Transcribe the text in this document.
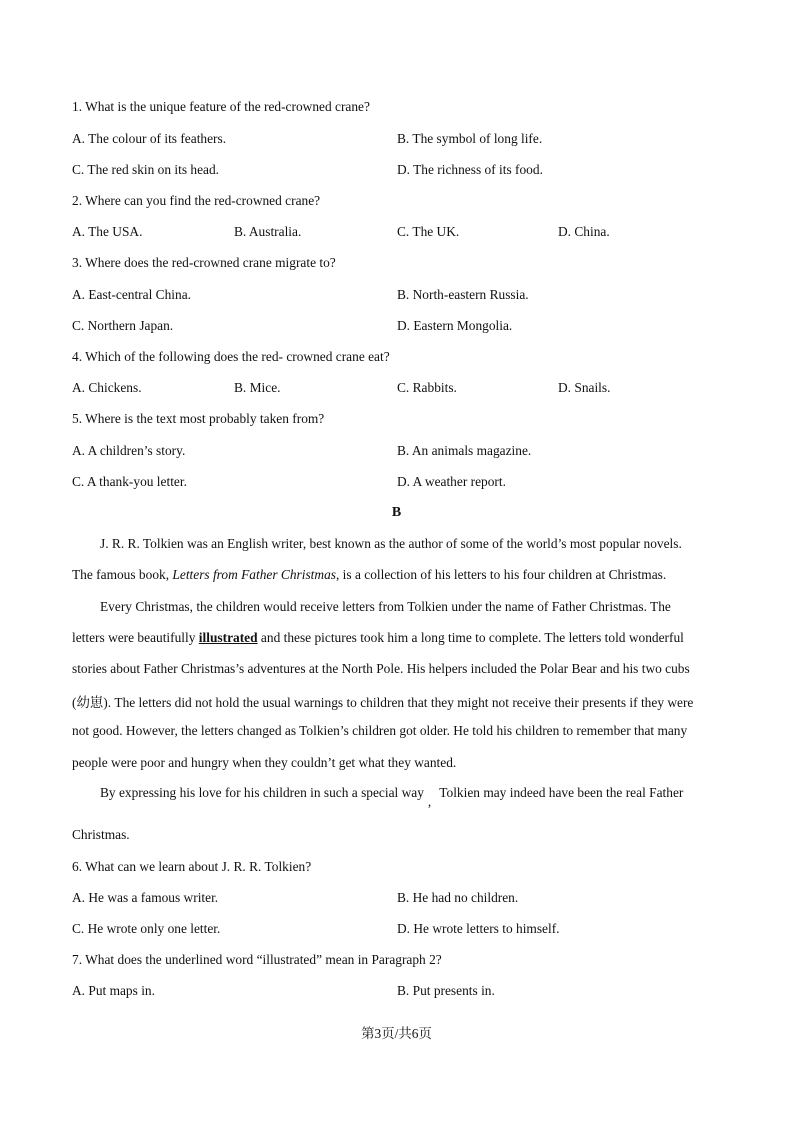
1. What is the unique feature of the red-crowned crane?
A. The colour of its feathers.	B. The symbol of long life.
C. The red skin on its head.	D. The richness of its food.
2. Where can you find the red-crowned crane?
A. The USA.	B. Australia.	C. The UK.	D. China.
3. Where does the red-crowned crane migrate to?
A. East-central China.	B. North-eastern Russia.
C. Northern Japan.	D. Eastern Mongolia.
4. Which of the following does the red- crowned crane eat?
A. Chickens.	B. Mice.	C. Rabbits.	D. Snails.
5. Where is the text most probably taken from?
A. A children’s story.	B. An animals magazine.
C. A thank-you letter.	D. A weather report.
B
J. R. R. Tolkien was an English writer, best known as the author of some of the world’s most popular novels.
The famous book, Letters from Father Christmas, is a collection of his letters to his four children at Christmas.
Every Christmas, the children would receive letters from Tolkien under the name of Father Christmas. The
letters were beautifully illustrated and these pictures took him a long time to complete. The letters told wonderful
stories about Father Christmas’s adventures at the North Pole. His helpers included the Polar Bear and his two cubs
(幼崽). The letters did not hold the usual warnings to children that they might not receive their presents if they were
not good. However, the letters changed as Tolkien’s children got older. He told his children to remember that many
people were poor and hungry when they couldn’t get what they wanted.
By expressing his love for his children in such a special way,Tolkien may indeed have been the real Father
Christmas.
6. What can we learn about J. R. R. Tolkien?
A. He was a famous writer.	B. He had no children.
C. He wrote only one letter.	D. He wrote letters to himself.
7. What does the underlined word “illustrated” mean in Paragraph 2?
A. Put maps in.	B. Put presents in.
第3页/共6页
